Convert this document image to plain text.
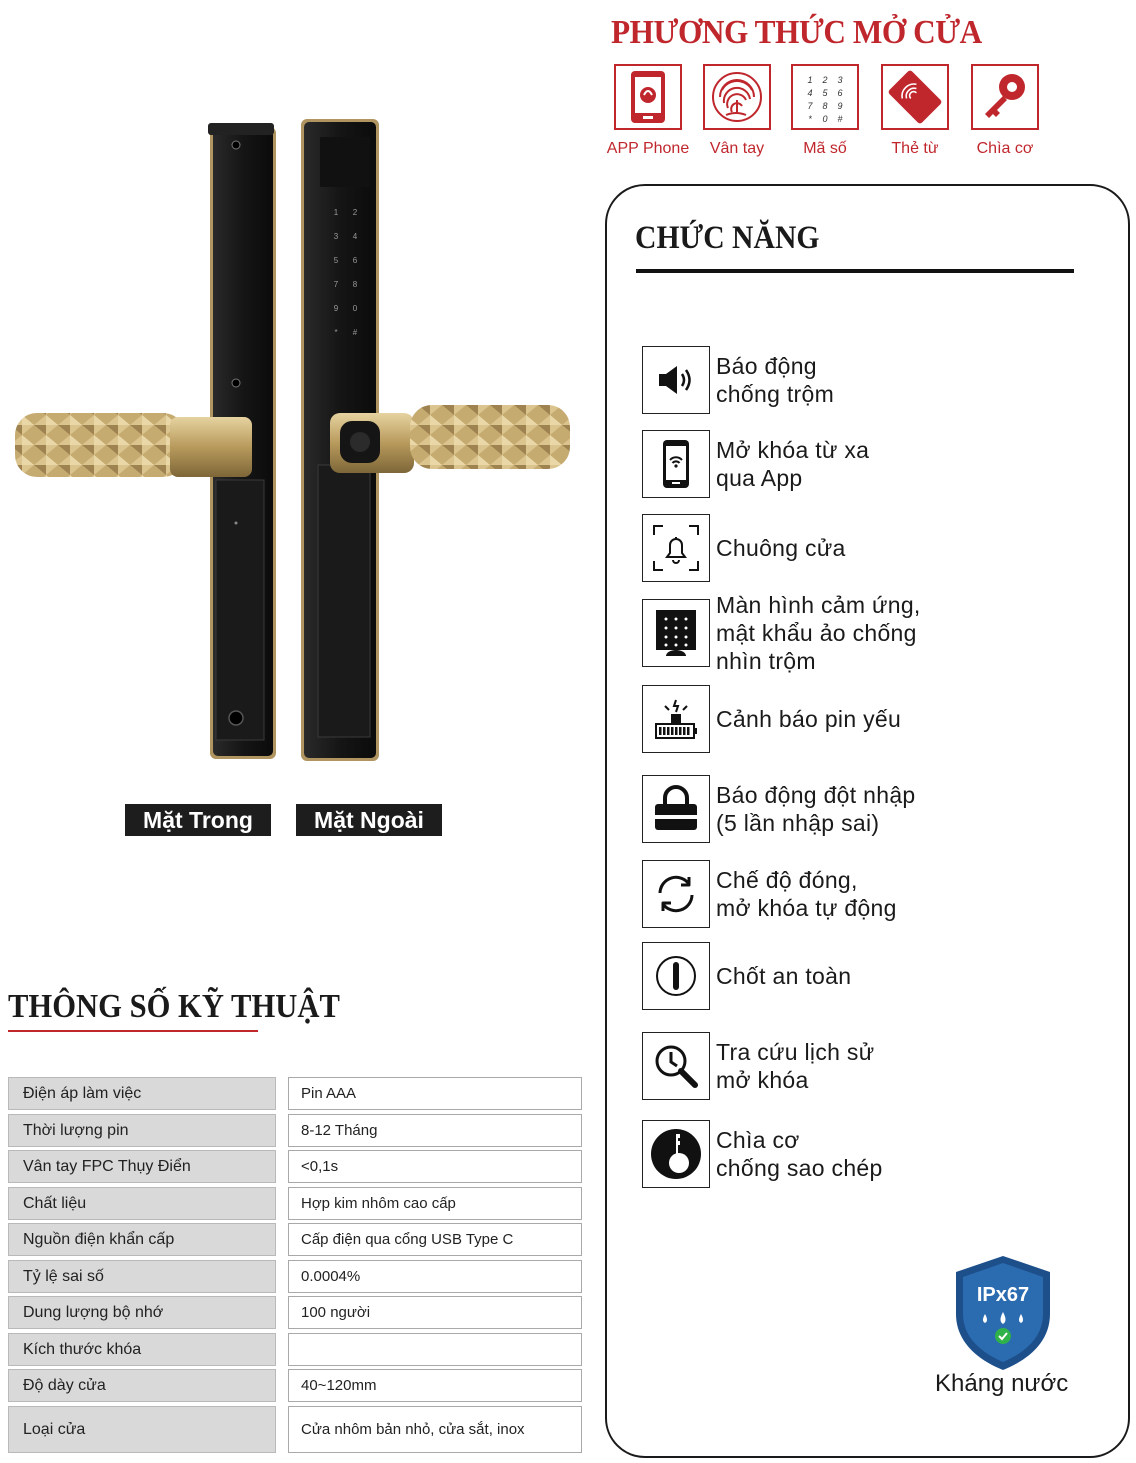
PHƯƠNG THỨC MỞ CỬA
APP Phone	Vân tay
1 2 3
4 5 6
7 8 9
* 0 #
Mã số	Thẻ từ	Chìa cơ
1 2
3 4
5 6
7 8
9 0
* #
Mặt Trong	Mặt Ngoài
THÔNG SỐ KỸ THUẬT
Điện áp làm việc	Pin AAA
Thời lượng pin	8-12 Tháng
Vân tay FPC Thụy Điển	<0,1s
Chất liệu	Hợp kim nhôm cao cấp
Nguồn điện khẩn cấp	Cấp điện qua cổng USB Type C
Tỷ lệ sai số	0.0004%
Dung lượng bộ nhớ	100 người
Kích thước khóa
Độ dày cửa	40~120mm
Loại cửa	Cửa nhôm bản nhỏ, cửa sắt, inox
CHỨC NĂNG
Báo động
chống trộm
Mở khóa từ xa
qua App
Chuông cửa
Màn hình cảm ứng,
mật khẩu ảo chống
nhìn trộm
Cảnh báo pin yếu
Báo động đột nhập
(5 lần nhập sai)
Chế độ đóng,
mở khóa tự động
Chốt an toàn
Tra cứu lịch sử
mở khóa
Chìa cơ
chống sao chép
IPx67
Kháng nước
